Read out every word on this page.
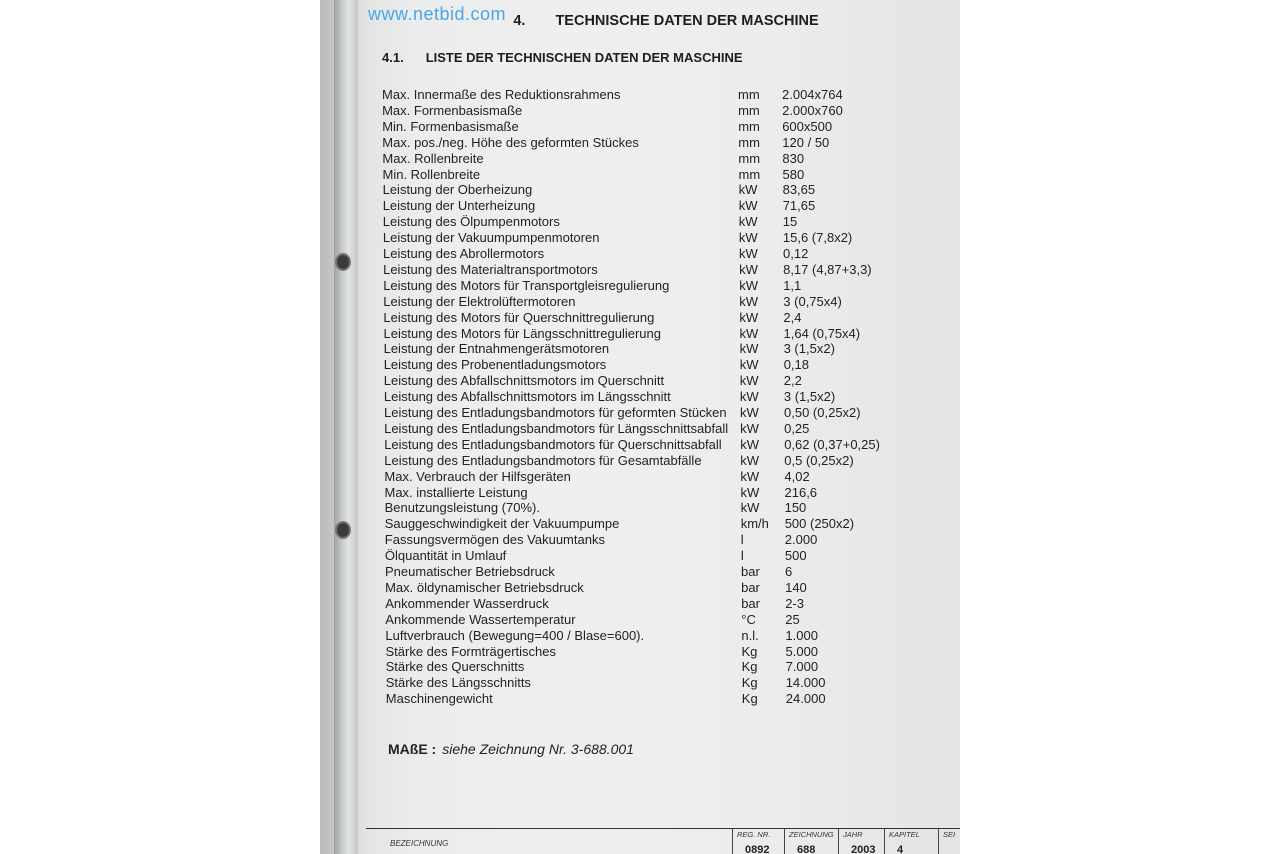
www.netbid.com 4. TECHNISCHE DATEN DER MASCHINE
4.1. LISTE DER TECHNISCHEN DATEN DER MASCHINE
Max. Innermaße des Reduktionsrahmens	mm 2.004x764
Max. Formenbasismaße	mm 2.000x760
Min. Formenbasismaße	mm 600x500
Max. pos./neg. Höhe des geformten Stückes	mm 120 / 50
Max. Rollenbreite	mm 830
Min. Rollenbreite	mm 580
Leistung der Oberheizung	kW 83,65
Leistung der Unterheizung	kW 71,65
Leistung des Ölpumpenmotors	kW 15
Leistung der Vakuumpumpenmotoren	kW 15,6 (7,8x2)
Leistung des Abrollermotors	kW 0,12
Leistung des Materialtransportmotors	kW 8,17 (4,87+3,3)
Leistung des Motors für Transportgleisregulierung	kW 1,1
Leistung der Elektrolüftermotoren	kW 3 (0,75x4)
Leistung des Motors für Querschnittregulierung	kW 2,4
Leistung des Motors für Längsschnittregulierung	kW 1,64 (0,75x4)
Leistung der Entnahmengerätsmotoren	kW 3 (1,5x2)
Leistung des Probenentladungsmotors	kW 0,18
Leistung des Abfallschnittsmotors im Querschnitt	kW 2,2
Leistung des Abfallschnittsmotors im Längsschnitt	kW 3 (1,5x2)
Leistung des Entladungsbandmotors für geformten Stücken kW 0,50 (0,25x2)
Leistung des Entladungsbandmotors für Längsschnittsabfall kW 0,25
Leistung des Entladungsbandmotors für Querschnittsabfall kW 0,62 (0,37+0,25)
Leistung des Entladungsbandmotors für Gesamtabfälle	kW 0,5 (0,25x2)
Max. Verbrauch der Hilfsgeräten	kW 4,02
Max. installierte Leistung	kW 216,6
Benutzungsleistung (70%).	kW 150
Sauggeschwindigkeit der Vakuumpumpe	km/h 500 (250x2)
Fassungsvermögen des Vakuumtanks	l	2.000
Ölquantität in Umlauf	l	500
Pneumatischer Betriebsdruck	bar 6
Max. öldynamischer Betriebsdruck	bar 140
Ankommender Wasserdruck	bar 2-3
Ankommende Wassertemperatur	°C 25
Luftverbrauch (Bewegung=400 / Blase=600).	n.l. 1.000
Stärke des Formträgertisches	Kg 5.000
Stärke des Querschnitts	Kg 7.000
Stärke des Längsschnitts	Kg 14.000
Maschinengewicht	Kg 24.000
MAßE : siehe Zeichnung Nr. 3-688.001
BEZEICHNUNG
REG. NR.
0892
ZEICHNUNG
688
JAHR
2003
KAPITEL
4
SEI
